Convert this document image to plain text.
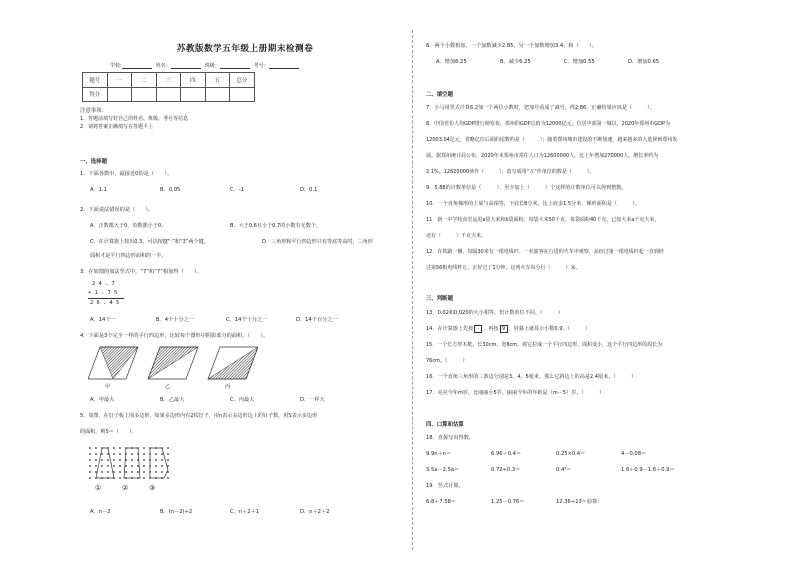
苏教版数学五年级上册期末检测卷
学校:	姓名：	班级：	考号：
题号	一	二	三	四	五	总分
得分						
注意事项：
1．答题前填写好自己的姓名、班级、考号等信息
2．请将答案正确填写在答题卡上
一、选择题
1．下面各数中，最接近0的是（　　）。
A．1.1	B．0.05	C．-1	D．0.1
2．下面说法错误的是（　　）。
A．正数都大于0，负数都小于0。	B．大于0.6且小于0.7的小数有无数个。
C．在计算器上按出0.3，可以按键“·”和“3”两个键。	D．三角形和平行四边形只有等底等高时，三角形
面积才是平行四边形面积的一半。
3．在如图的加法竖式中，“7”和“7”相加得（　　）。
2 4 . 7
+ 1 . 7 5
2 6 . 4 5
A．14个一	B．4个十分之一	C．14个十分之一	D．14个百分之一
4．下面是3个完全一样的平行四边形，比较每个图形中阴影部分的面积，（　　）。
甲	乙	丙
A．甲最大	B．乙最大	C．丙最大	D．一样大
5．如图，在钉子板上围多边形，如果多边形内有2枚钉子，用n表示多边形边上的钉子数，用S表示多边形
的面积，则S＝（　　）。
①	②	③
A．n－2	B．(n－2)÷2	C．n＋2＋1	D．n＋2＋2
6．两个小数相加，一个加数减少2.85，另一个加数增加3.4，和（　　）。
A．增加6.25	B．减少6.25	C．增加0.55	D．增加0.65
二、填空题
7．小马用竖式计算6.2加一个两位小数时，把加号看成了减号，得2.86，正确结果应该是（　　　）。
8．中国省份人均GDP排行榜发布，郑州的GDP总值为12000亿元，位居中部第一城以，2020年郑州市GDP为
12003.04亿元，省略亿位后面的尾数约是（　　　）；随着郑州城市建设的不断加速，越来越多的人选择到郑州发
展。据郑州统计局公布，2020年末郑州市常住人口为12600000人，比上年增加270000人，增长率约为
2.1%。12620000读作（　　　），改写成用“万”作单位的数是（　　　）。
9．5.88的计数单位是（　　　），至少加上（　　　）个这样的计数单位可以得到整数。
10．一个直角梯形的上底与高相等，下底长8分米，比上底多1.5分米，梯形面积是（　　　）。
11．新一中学校食堂运进a袋大米和b袋面粉，每袋大米50千克，每袋面粉40千克，已知大米a千克大米，
还有（　　　）千克大米。
12．在铁路一侧，每隔30米有一根电线杆。一名旅客在行进的火车中观察，从经过第一根电线杆起一直到经
过第56根电线杆止，正好过了1分钟。这列火车每分行（　　　）米。
三、判断题
13．0.02和0.020的大小相等，但计数单位不同。（　　　）
14．在计算器上先按 · ，再按 9 ，屏幕上就显示小数0.9。（　　　）
15．一个长方形木框，长30cm，宽8cm，将它拉成一个平行四边形，面积变小，这个平行四边形的周长为
76cm。（　　　）
16．一个直角三角形的三条边分别是3、4、5厘米，那么它斜边上的高是2.4厘米。（　　　）
17．亮亮今年m岁，比丽丽小5岁，丽丽今年的年龄是（m－5）岁。（　　　）
四、口算和估算
18．直接写出得数。
9.9n＋n＝	6.96＋0.4＝	0.25×0.4＝	4－0.08＝
3.5a－2.5a＝	0.72÷0.3＝	0.4²＝	1.6＋0.9－1.6＋0.9＝
19．竖式计算。
6.8＋7.58＝	1.25－0.76＝	12.36÷13＝验算：
